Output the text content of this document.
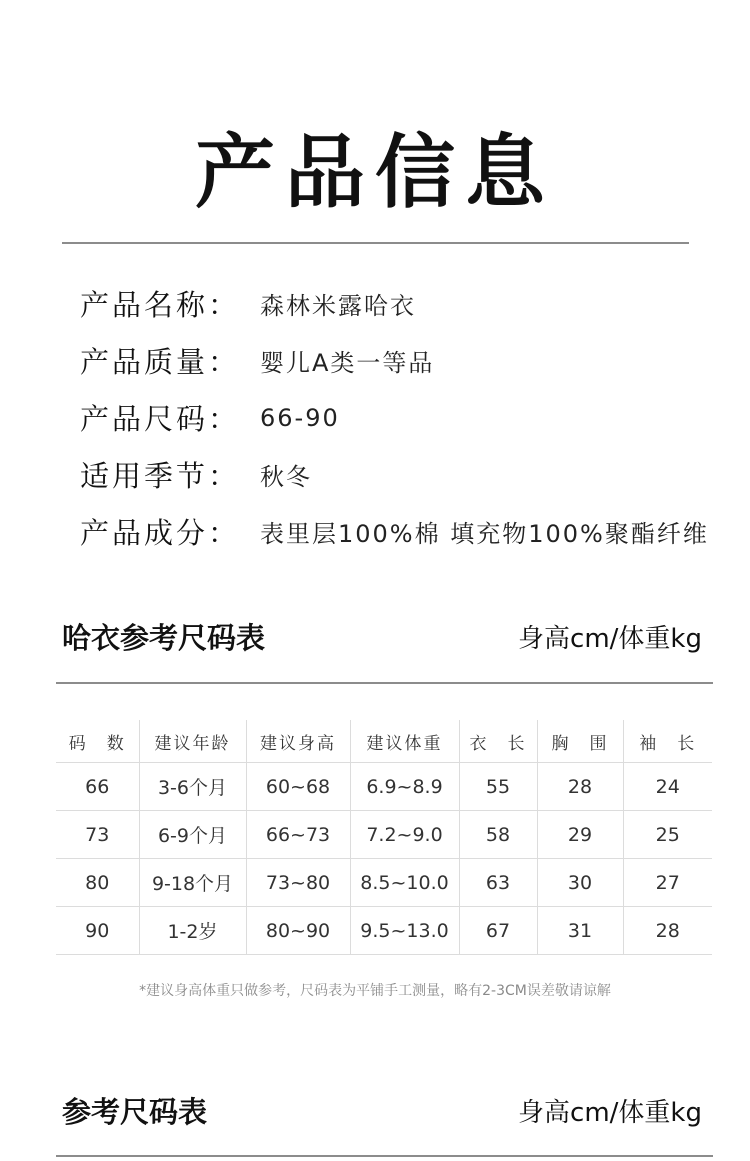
产品信息
产品名称： 森林米露哈衣
产品质量： 婴儿A类一等品
产品尺码： 66-90
适用季节： 秋冬
产品成分： 表里层100%棉 填充物100%聚酯纤维
哈衣参考尺码表	身高cm/体重kg
码　数	建议年龄	建议身高	建议体重	衣　长	胸　围	袖　长
66	3-6个月	60~68	6.9~8.9	55	28	24
73	6-9个月	66~73	7.2~9.0	58	29	25
80	9-18个月	73~80	8.5~10.0	63	30	27
90	1-2岁	80~90	9.5~13.0	67	31	28
*建议身高体重只做参考，尺码表为平铺手工测量，略有2-3CM误差敬请谅解
参考尺码表	身高cm/体重kg
